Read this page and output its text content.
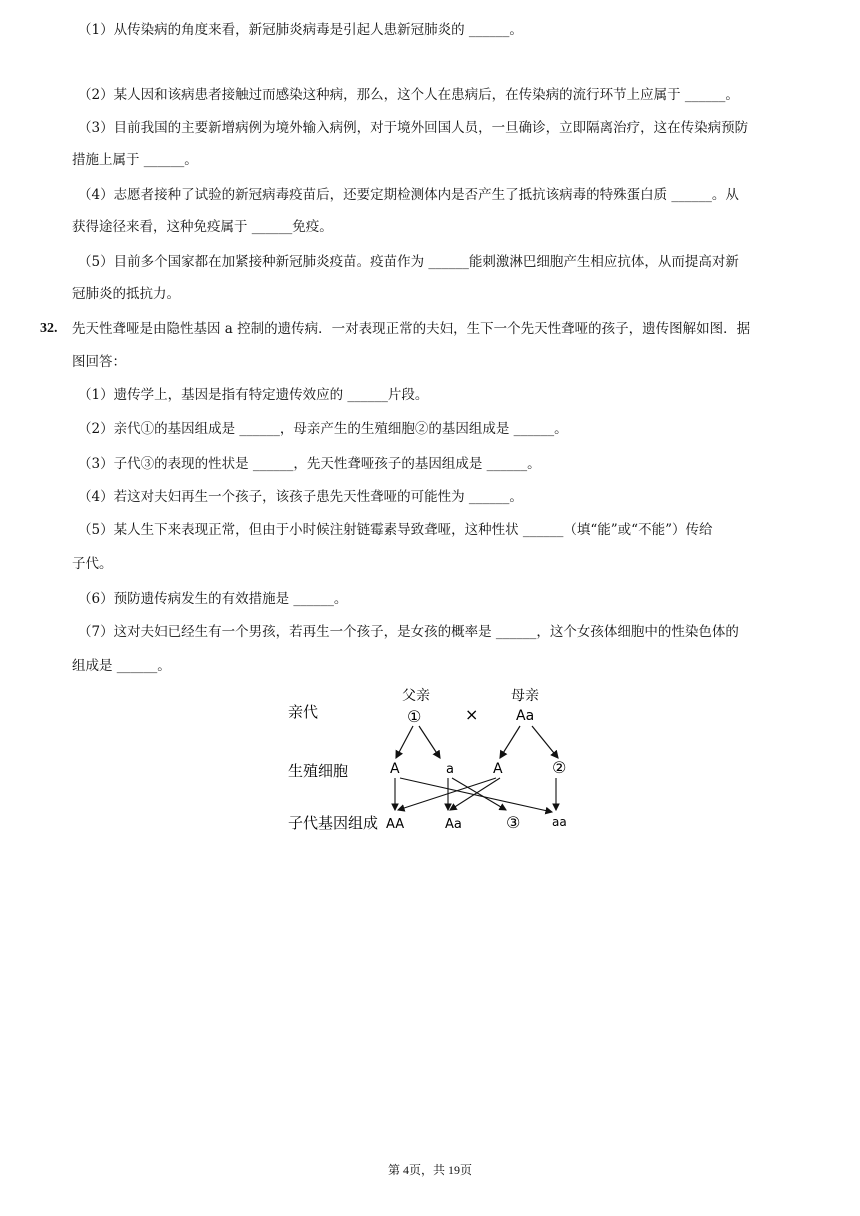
（1）从传染病的角度来看，新冠肺炎病毒是引起人患新冠肺炎的 ______。
（2）某人因和该病患者接触过而感染这种病，那么，这个人在患病后，在传染病的流行环节上应属于 ______。
（3）目前我国的主要新增病例为境外输入病例，对于境外回国人员，一旦确诊，立即隔离治疗，这在传染病预防
措施上属于 ______。
（4）志愿者接种了试验的新冠病毒疫苗后，还要定期检测体内是否产生了抵抗该病毒的特殊蛋白质 ______。从
获得途径来看，这种免疫属于 ______免疫。
（5）目前多个国家都在加紧接种新冠肺炎疫苗。疫苗作为 ______能刺激淋巴细胞产生相应抗体，从而提高对新
冠肺炎的抵抗力。
32. 先天性聋哑是由隐性基因 a 控制的遗传病．一对表现正常的夫妇，生下一个先天性聋哑的孩子，遗传图解如图．据
图回答：
（1）遗传学上，基因是指有特定遗传效应的 ______片段。
（2）亲代①的基因组成是 ______，母亲产生的生殖细胞②的基因组成是 ______。
（3）子代③的表现的性状是 ______，先天性聋哑孩子的基因组成是 ______。
（4）若这对夫妇再生一个孩子，该孩子患先天性聋哑的可能性为 ______。
（5）某人生下来表现正常，但由于小时候注射链霉素导致聋哑，这种性状 ______（填“能”或“不能”）传给
子代。
（6）预防遗传病发生的有效措施是 ______。
（7）这对夫妇已经生有一个男孩，若再生一个孩子，是女孩的概率是 ______，这个女孩体细胞中的性染色体的
组成是 ______。
亲代
生殖细胞
子代基因组成
父亲	母亲
①	×	Aa
A	a	A	②
AA	Aa	③	aa
第 4页，共 19页
